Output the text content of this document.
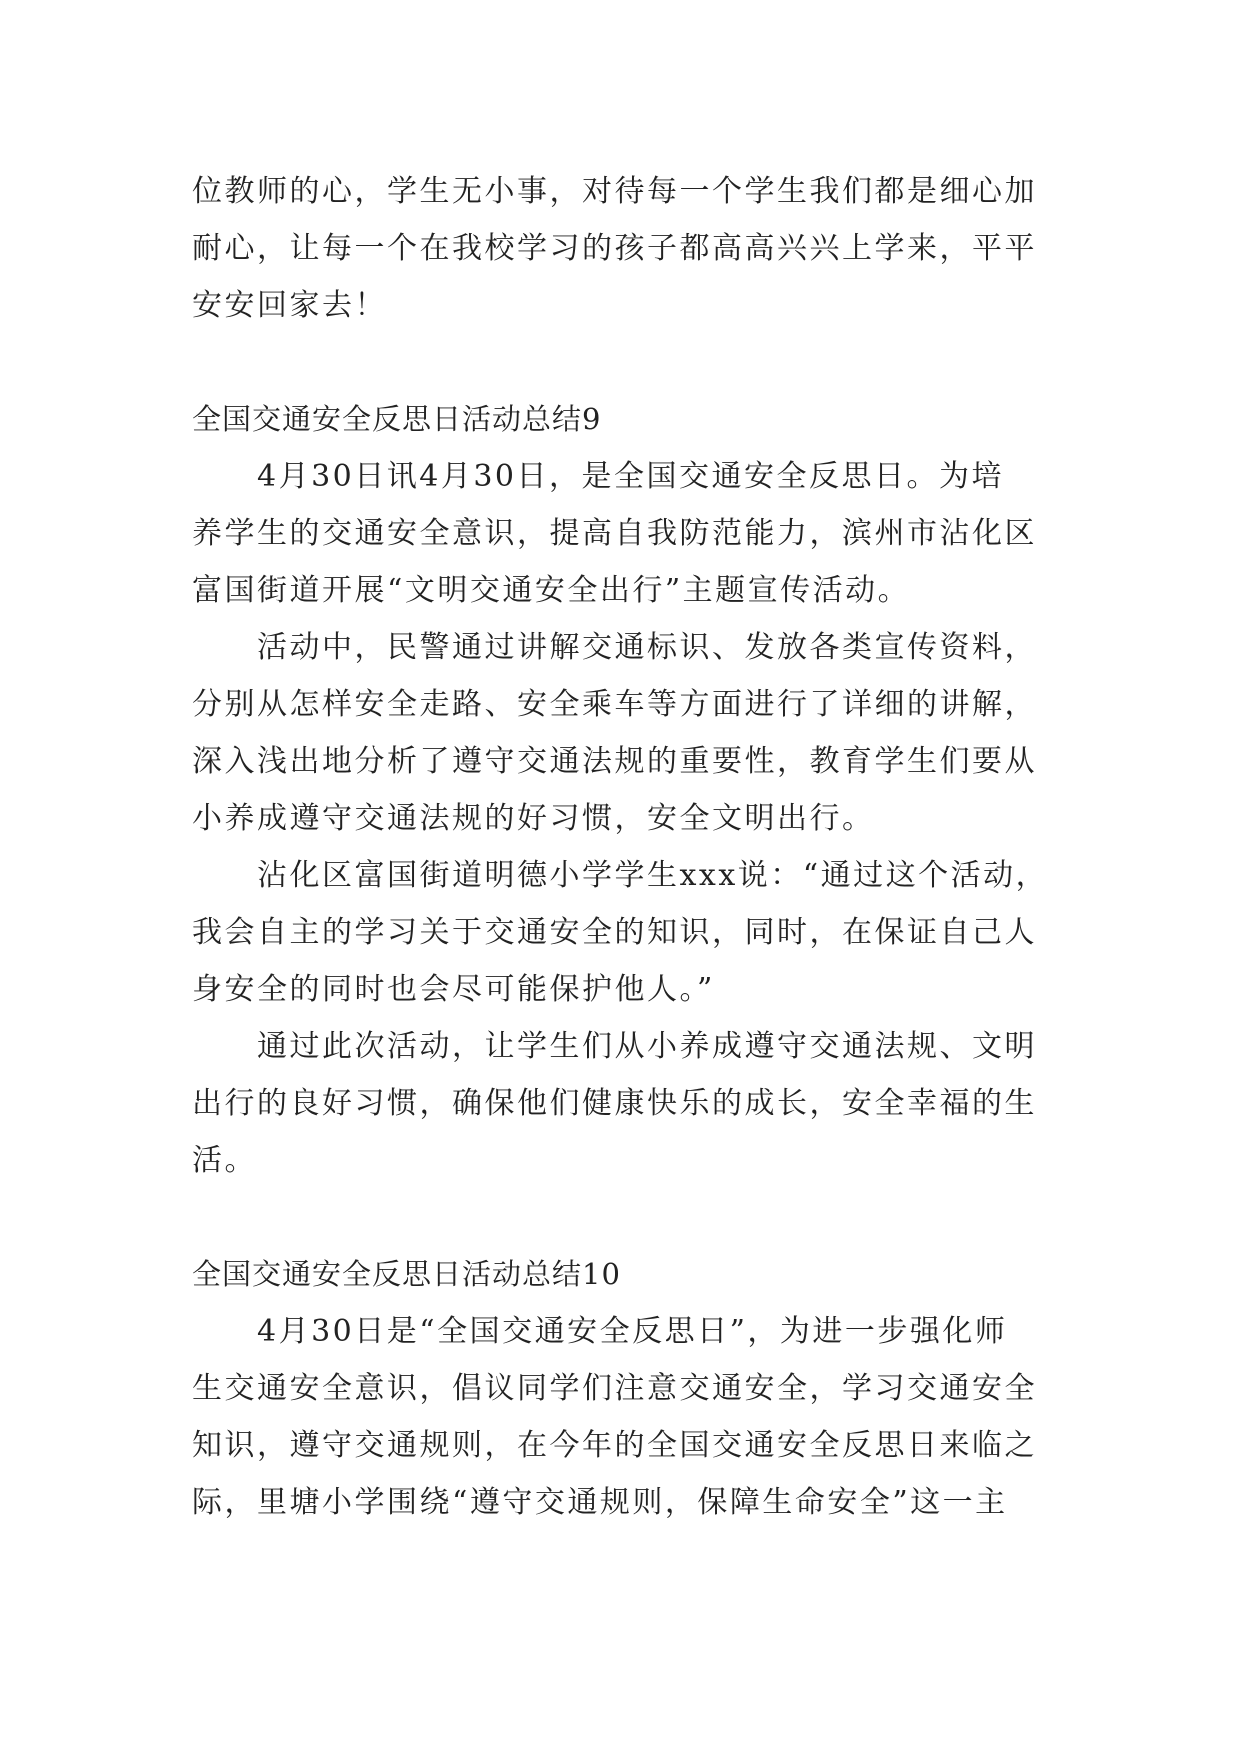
位教师的心，学生无小事，对待每一个学生我们都是细心加

耐心，让每一个在我校学习的孩子都高高兴兴上学来，平平

安安回家去！

全国交通安全反思日活动总结9

4月30日讯4月30日，是全国交通安全反思日。为培

养学生的交通安全意识，提高自我防范能力，滨州市沾化区

富国街道开展“文明交通安全出行”主题宣传活动。

活动中，民警通过讲解交通标识、发放各类宣传资料，

分别从怎样安全走路、安全乘车等方面进行了详细的讲解，

深入浅出地分析了遵守交通法规的重要性，教育学生们要从

小养成遵守交通法规的好习惯，安全文明出行。

沾化区富国街道明德小学学生xxx说：“通过这个活动，

我会自主的学习关于交通安全的知识，同时，在保证自己人

身安全的同时也会尽可能保护他人。”

通过此次活动，让学生们从小养成遵守交通法规、文明

出行的良好习惯，确保他们健康快乐的成长，安全幸福的生

活。

全国交通安全反思日活动总结10

4月30日是“全国交通安全反思日”，为进一步强化师

生交通安全意识，倡议同学们注意交通安全，学习交通安全

知识，遵守交通规则，在今年的全国交通安全反思日来临之

际，里塘小学围绕“遵守交通规则，保障生命安全”这一主
